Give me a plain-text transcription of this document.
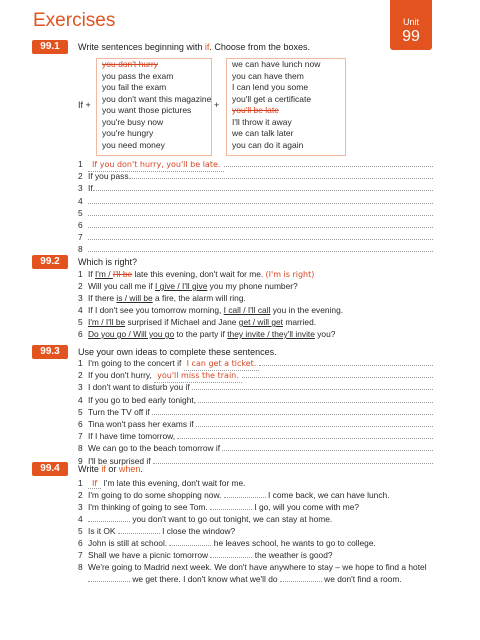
Exercises	Unit
99
99.1	Write sentences beginning with if. Choose from the boxes.
If +
you don't hurry
you pass the exam
you fail the exam
you don't want this magazine
you want those pictures
you're busy now
you're hungry
you need money
+
we can have lunch now
you can have them
I can lend you some
you'll get a certificate
you'll be late
I'll throw it away
we can talk later
you can do it again
1	If you don't hurry, you'll be late.
2 If you pass
3 If
4
5
6
7
8
99.2	Which is right?
1 If I'm / I'll be late this evening, don't wait for me. (I'm is right)
2 Will you call me if I give / I'll give you my phone number?
3 If there is / will be a fire, the alarm will ring.
4 If I don't see you tomorrow morning, I call / I'll call you in the evening.
5 I'm / I'll be surprised if Michael and Jane get / will get married.
6 Do you go / Will you go to the party if they invite / they'll invite you?
99.3	Use your own ideas to complete these sentences.
1 I'm going to the concert if
I can get a ticket.
2 If you don't hurry,
you'll miss the train.
3 I don't want to disturb you if

4 If you go to bed early tonight,

5 Turn the TV off if

6 Tina won't pass her exams if

7 If I have time tomorrow,

8 We can go to the beach tomorrow if

9 I'll be surprised if

99.4	Write if or when.
1 If I'm late this evening, don't wait for me.
2 I'm going to do some shopping now.	I come back, we can have lunch.
3 I'm thinking of going to see Tom.	I go, will you come with me?
4	you don't want to go out tonight, we can stay at home.
5 Is it OK	I close the window?
6 John is still at school.	he leaves school, he wants to go to college.
7 Shall we have a picnic tomorrow	the weather is good?
8 We're going to Madrid next week. We don't have anywhere to stay – we hope to find a hotel
we get there. I don't know what we'll do	we don't find a room.
